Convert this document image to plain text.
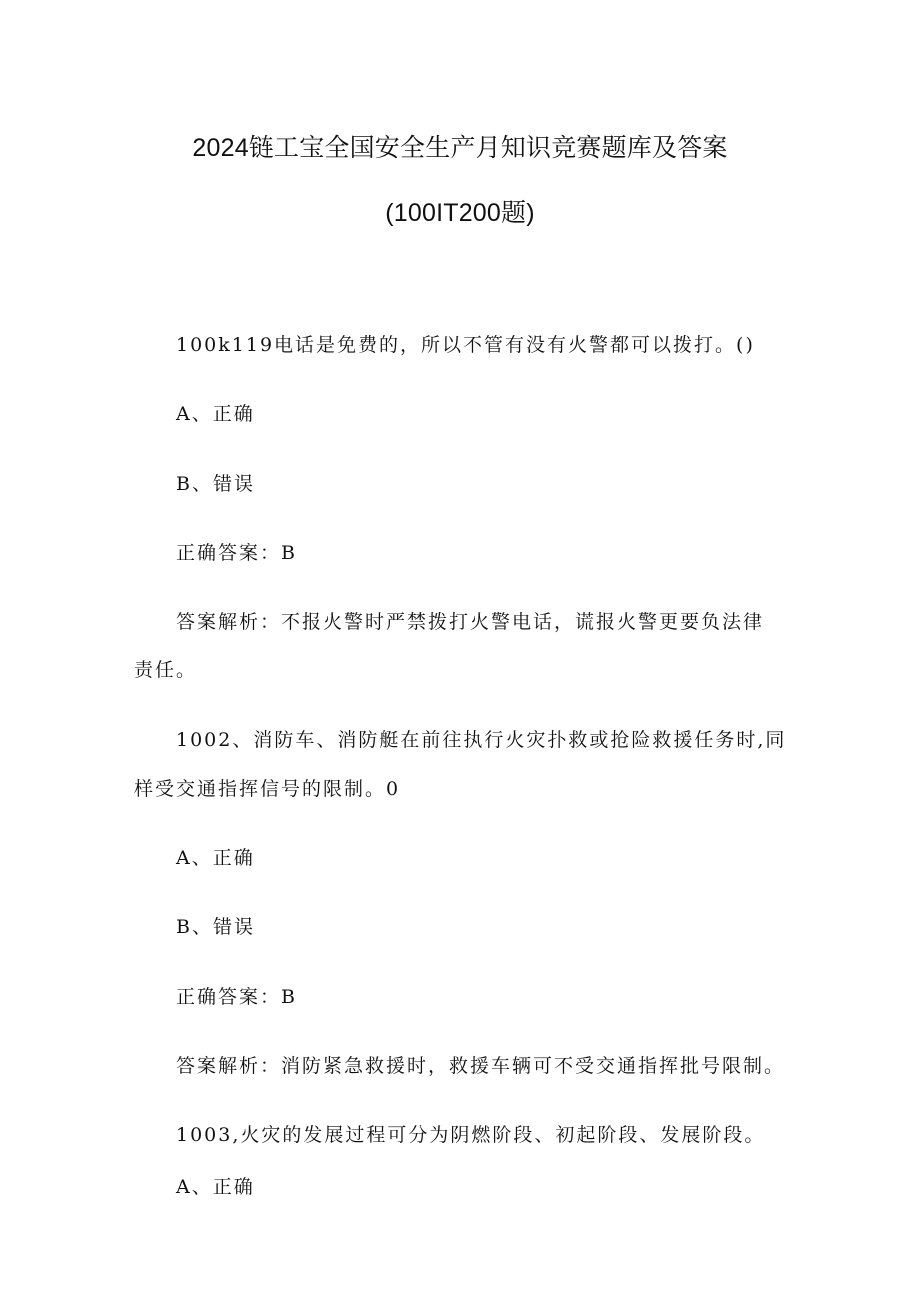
2024链工宝全国安全生产月知识竞赛题库及答案
(100IT200题)
100k119电话是免费的，所以不管有没有火警都可以拨打。()
A、正确
B、错误
正确答案：B
答案解析：不报火警时严禁拨打火警电话，谎报火警更要负法律
责任。
1002、消防车、消防艇在前往执行火灾扑救或抢险救援任务时,同
样受交通指挥信号的限制。0
A、正确
B、错误
正确答案：B
答案解析：消防紧急救援时，救援车辆可不受交通指挥批号限制。
1003,火灾的发展过程可分为阴燃阶段、初起阶段、发展阶段。
A、正确
